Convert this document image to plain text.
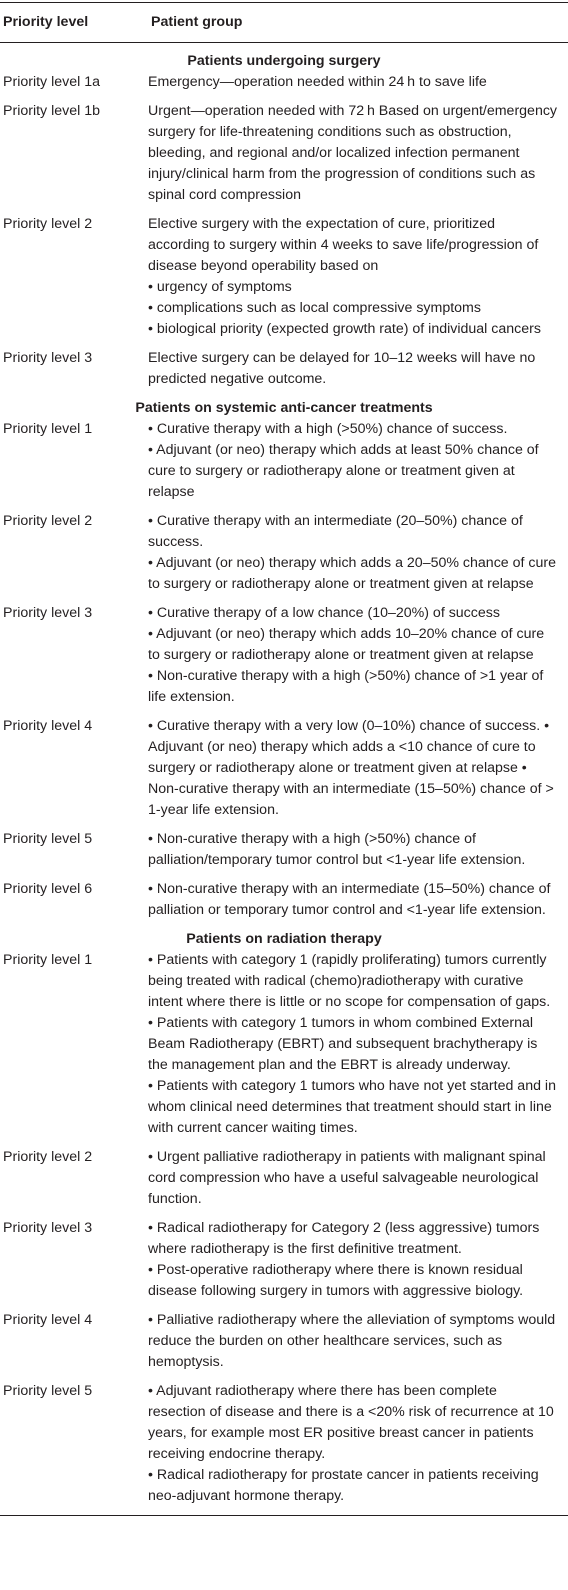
Priority level	Patient group
Patients undergoing surgery	
Priority level 1a	Emergency—operation needed within 24 h to save life

Priority level 1b	Urgent—operation needed with 72 h Based on urgent/emergency surgery for life-threatening conditions such as obstruction, bleeding, and regional and/or localized infection permanent injury/clinical harm from the progression of conditions such as spinal cord compression

Priority level 2	Elective surgery with the expectation of cure, prioritized according to surgery within 4 weeks to save life/progression of disease beyond operability based on
• urgency of symptoms
• complications such as local compressive symptoms
• biological priority (expected growth rate) of individual cancers

Priority level 3	Elective surgery can be delayed for 10–12 weeks will have no predicted negative outcome.

Patients on systemic anti-cancer treatments	
Priority level 1	• Curative therapy with a high (>50%) chance of success.
• Adjuvant (or neo) therapy which adds at least 50% chance of cure to surgery or radiotherapy alone or treatment given at relapse

Priority level 2	• Curative therapy with an intermediate (20–50%) chance of success.
• Adjuvant (or neo) therapy which adds a 20–50% chance of cure to surgery or radiotherapy alone or treatment given at relapse

Priority level 3	• Curative therapy of a low chance (10–20%) of success
• Adjuvant (or neo) therapy which adds 10–20% chance of cure to surgery or radiotherapy alone or treatment given at relapse
• Non-curative therapy with a high (>50%) chance of >1 year of life extension.

Priority level 4	• Curative therapy with a very low (0–10%) chance of success. • Adjuvant (or neo) therapy which adds a <10 chance of cure to surgery or radiotherapy alone or treatment given at relapse • Non-curative therapy with an intermediate (15–50%) chance of > 1-year life extension.

Priority level 5	• Non-curative therapy with a high (>50%) chance of palliation/temporary tumor control but <1-year life extension.

Priority level 6	• Non-curative therapy with an intermediate (15–50%) chance of palliation or temporary tumor control and <1-year life extension.

Patients on radiation therapy	
Priority level 1	• Patients with category 1 (rapidly proliferating) tumors currently being treated with radical (chemo)radiotherapy with curative intent where there is little or no scope for compensation of gaps.
• Patients with category 1 tumors in whom combined External Beam Radiotherapy (EBRT) and subsequent brachytherapy is the management plan and the EBRT is already underway.
• Patients with category 1 tumors who have not yet started and in whom clinical need determines that treatment should start in line with current cancer waiting times.

Priority level 2	• Urgent palliative radiotherapy in patients with malignant spinal cord compression who have a useful salvageable neurological function.

Priority level 3	• Radical radiotherapy for Category 2 (less aggressive) tumors where radiotherapy is the first definitive treatment.
• Post-operative radiotherapy where there is known residual disease following surgery in tumors with aggressive biology.

Priority level 4	• Palliative radiotherapy where the alleviation of symptoms would reduce the burden on other healthcare services, such as hemoptysis.

Priority level 5	• Adjuvant radiotherapy where there has been complete resection of disease and there is a <20% risk of recurrence at 10 years, for example most ER positive breast cancer in patients receiving endocrine therapy.
• Radical radiotherapy for prostate cancer in patients receiving neo-adjuvant hormone therapy.
